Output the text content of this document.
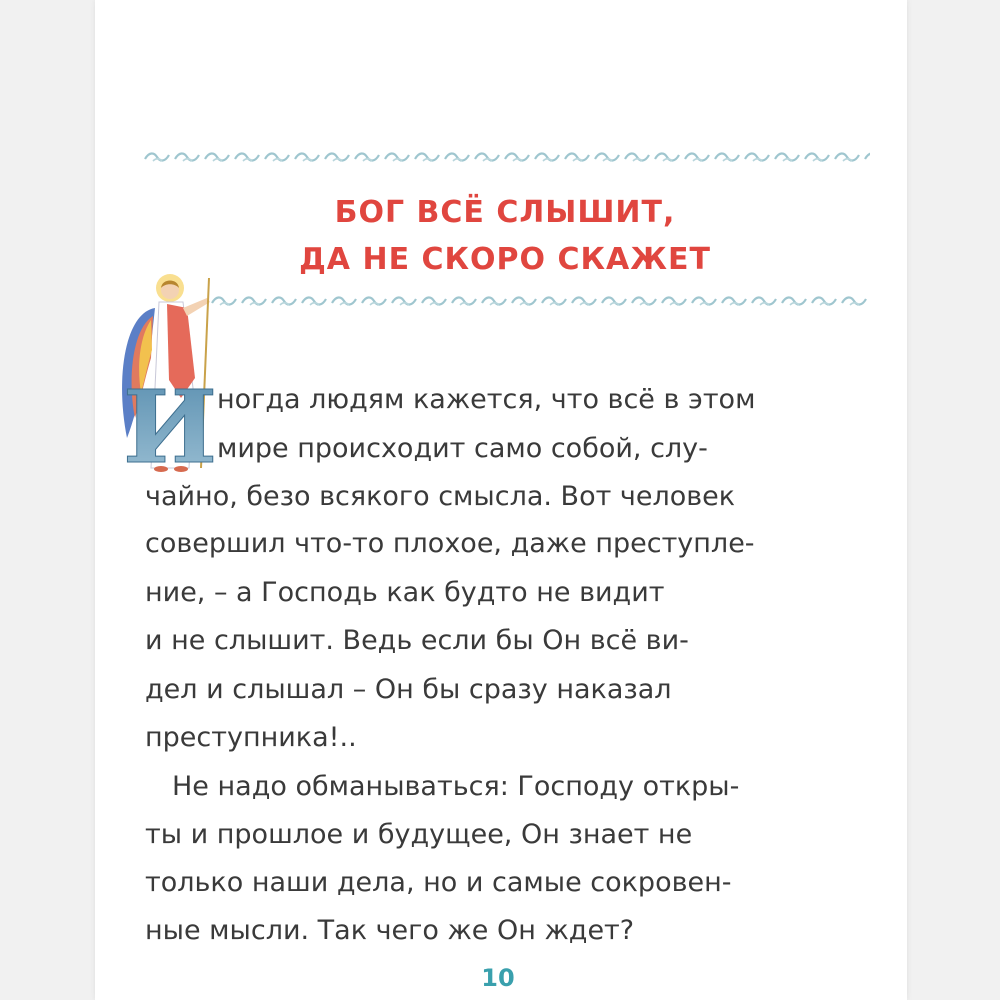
БОГ ВСЁ СЛЫШИТ,
ДА НЕ СКОРО СКАЖЕТ
И ногда людям кажется, что всё в этом
мире происходит само собой, слу-
чайно, безо всякого смысла. Вот человек
совершил что-то плохое, даже преступле-
ние, – а Господь как будто не видит
и не слышит. Ведь если бы Он всё ви-
дел и слышал – Он бы сразу наказал
преступника!..
Не надо обманываться: Господу откры-
ты и прошлое и будущее, Он знает не
только наши дела, но и самые сокровен-
ные мысли. Так чего же Он ждет?
10
